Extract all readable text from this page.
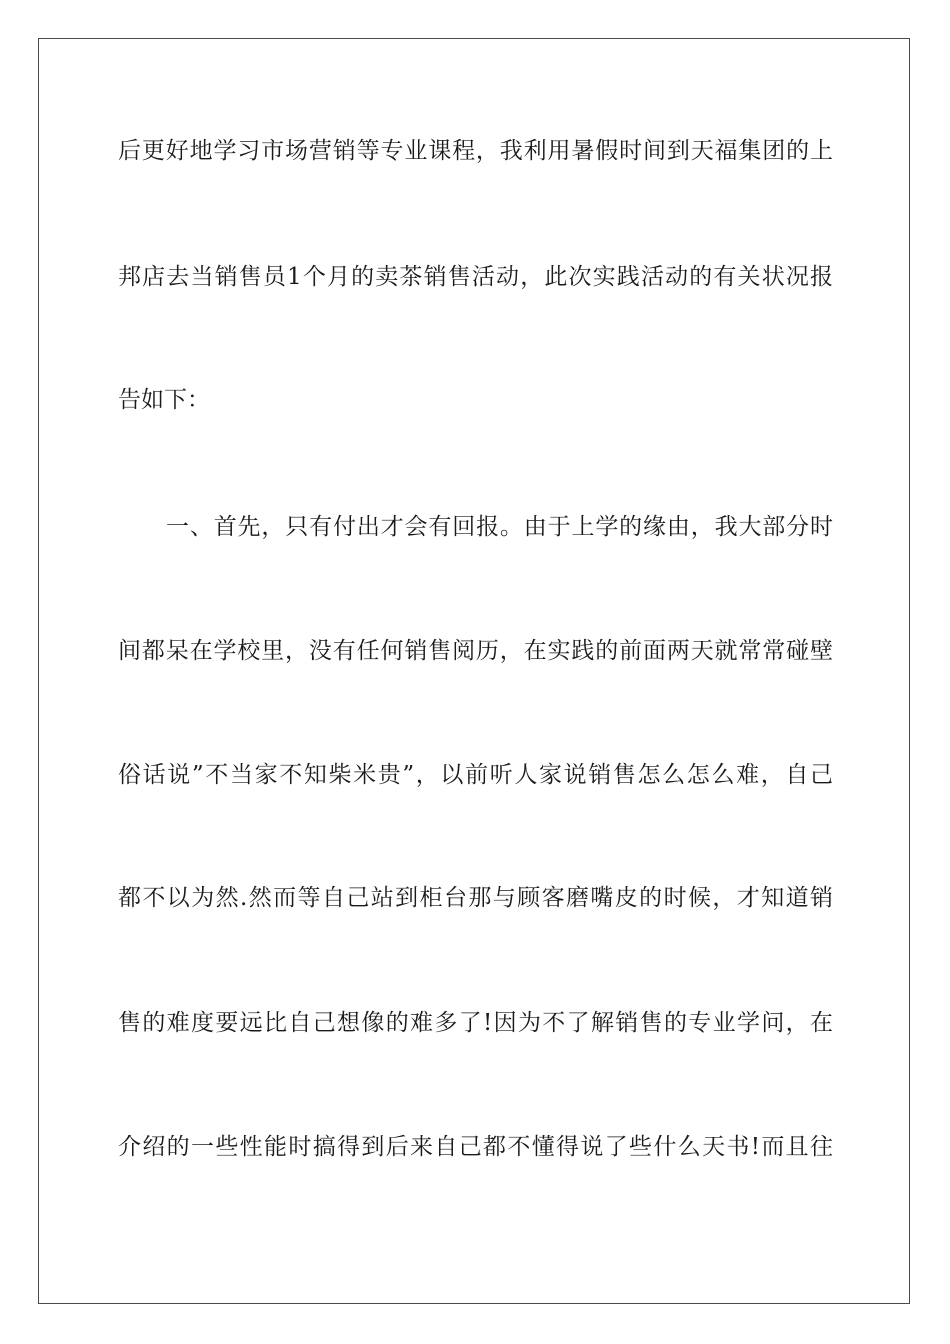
后更好地学习市场营销等专业课程，我利用暑假时间到天福集团的上
邦店去当销售员1个月的卖茶销售活动，此次实践活动的有关状况报
告如下：
一、首先，只有付出才会有回报。由于上学的缘由，我大部分时
间都呆在学校里，没有任何销售阅历，在实践的前面两天就常常碰壁
俗话说”不当家不知柴米贵”，以前听人家说销售怎么怎么难，自己
都不以为然.然而等自己站到柜台那与顾客磨嘴皮的时候，才知道销
售的难度要远比自己想像的难多了!因为不了解销售的专业学问，在
介绍的一些性能时搞得到后来自己都不懂得说了些什么天书!而且往
